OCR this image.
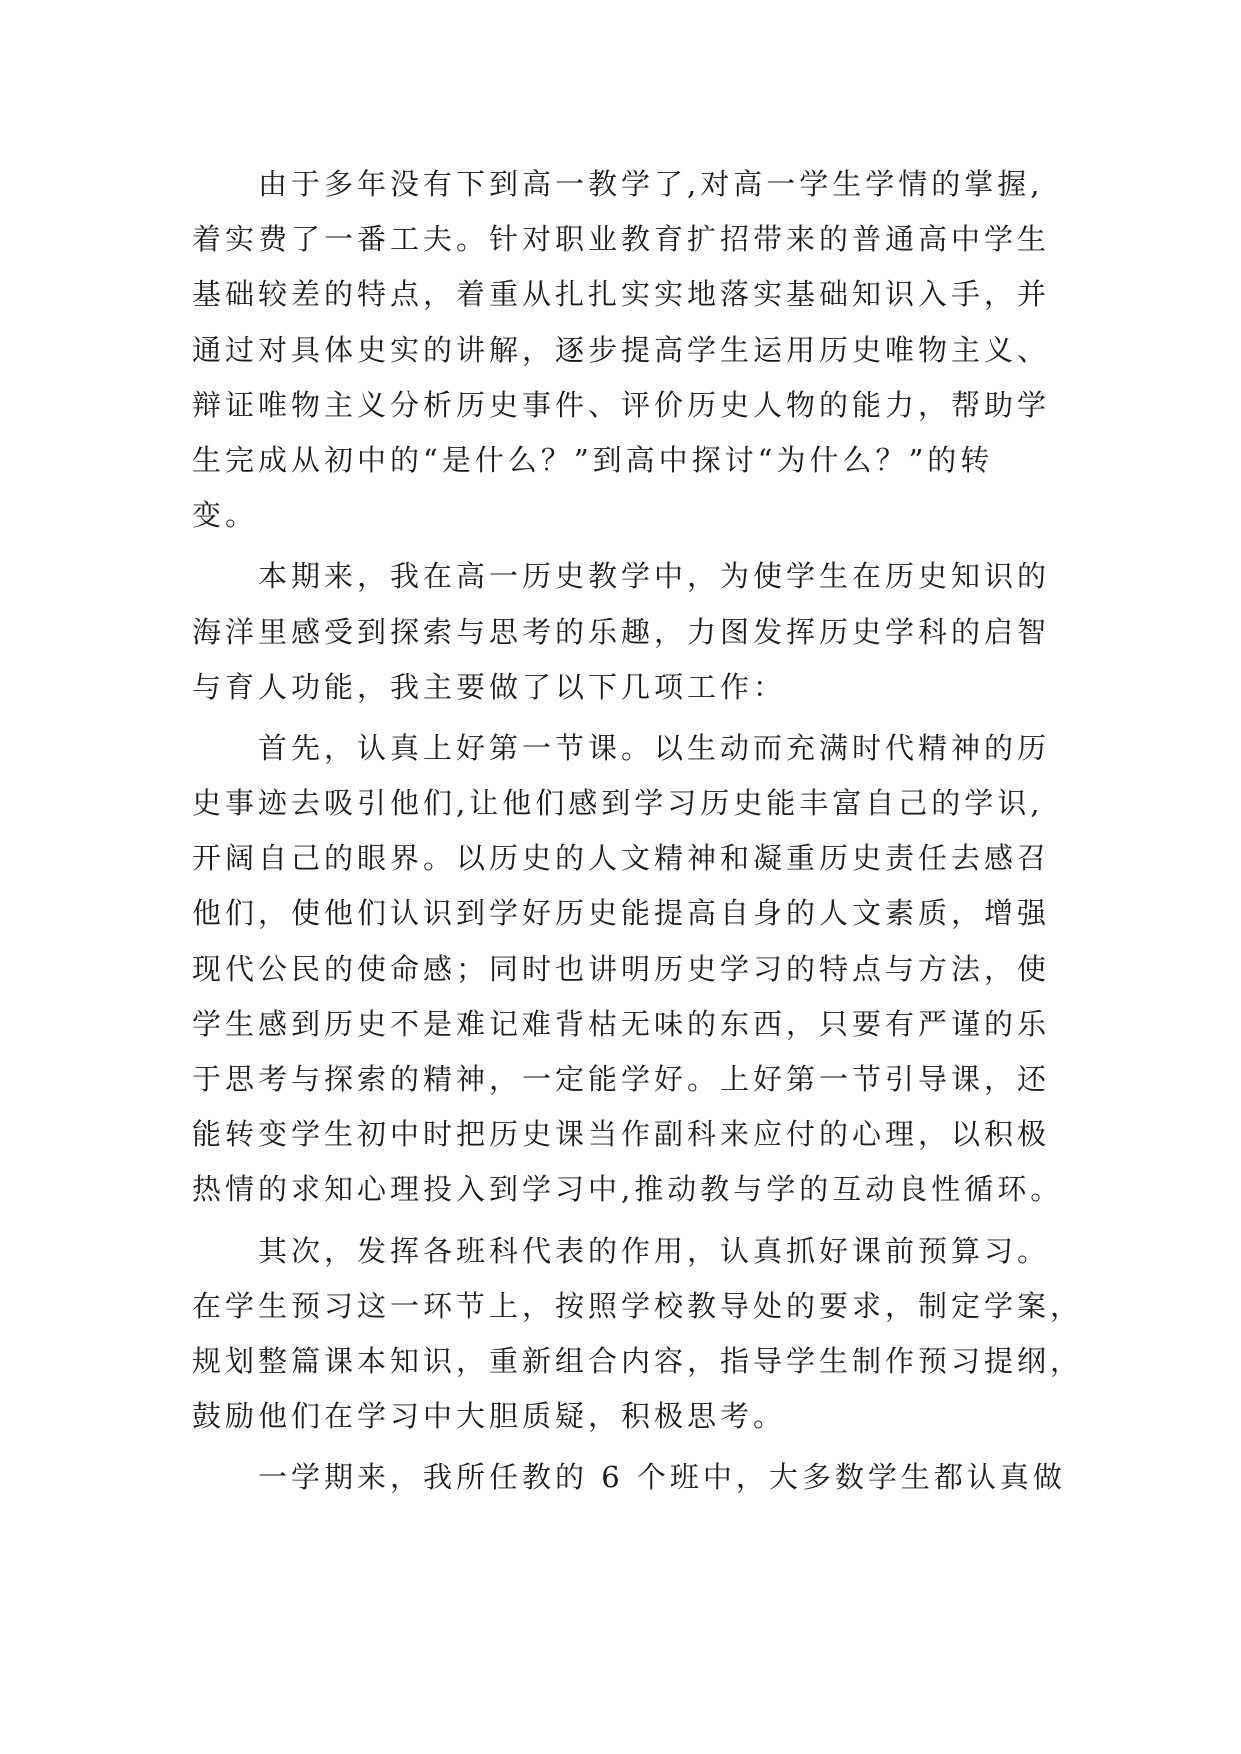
由于多年没有下到高一教学了,对高一学生学情的掌握,
着实费了一番工夫。针对职业教育扩招带来的普通高中学生
基础较差的特点，着重从扎扎实实地落实基础知识入手，并
通过对具体史实的讲解，逐步提高学生运用历史唯物主义、
辩证唯物主义分析历史事件、评价历史人物的能力，帮助学
生完成从初中的“是什么？”到高中探讨“为什么？”的转
变。
本期来，我在高一历史教学中，为使学生在历史知识的
海洋里感受到探索与思考的乐趣，力图发挥历史学科的启智
与育人功能，我主要做了以下几项工作：
首先，认真上好第一节课。以生动而充满时代精神的历
史事迹去吸引他们,让他们感到学习历史能丰富自己的学识,
开阔自己的眼界。以历史的人文精神和凝重历史责任去感召
他们，使他们认识到学好历史能提高自身的人文素质，增强
现代公民的使命感；同时也讲明历史学习的特点与方法，使
学生感到历史不是难记难背枯无味的东西，只要有严谨的乐
于思考与探索的精神，一定能学好。上好第一节引导课，还
能转变学生初中时把历史课当作副科来应付的心理，以积极
热情的求知心理投入到学习中,推动教与学的互动良性循环。
其次，发挥各班科代表的作用，认真抓好课前预算习。
在学生预习这一环节上，按照学校教导处的要求，制定学案，
规划整篇课本知识，重新组合内容，指导学生制作预习提纲，
鼓励他们在学习中大胆质疑，积极思考。
一学期来，我所任教的 6 个班中，大多数学生都认真做
